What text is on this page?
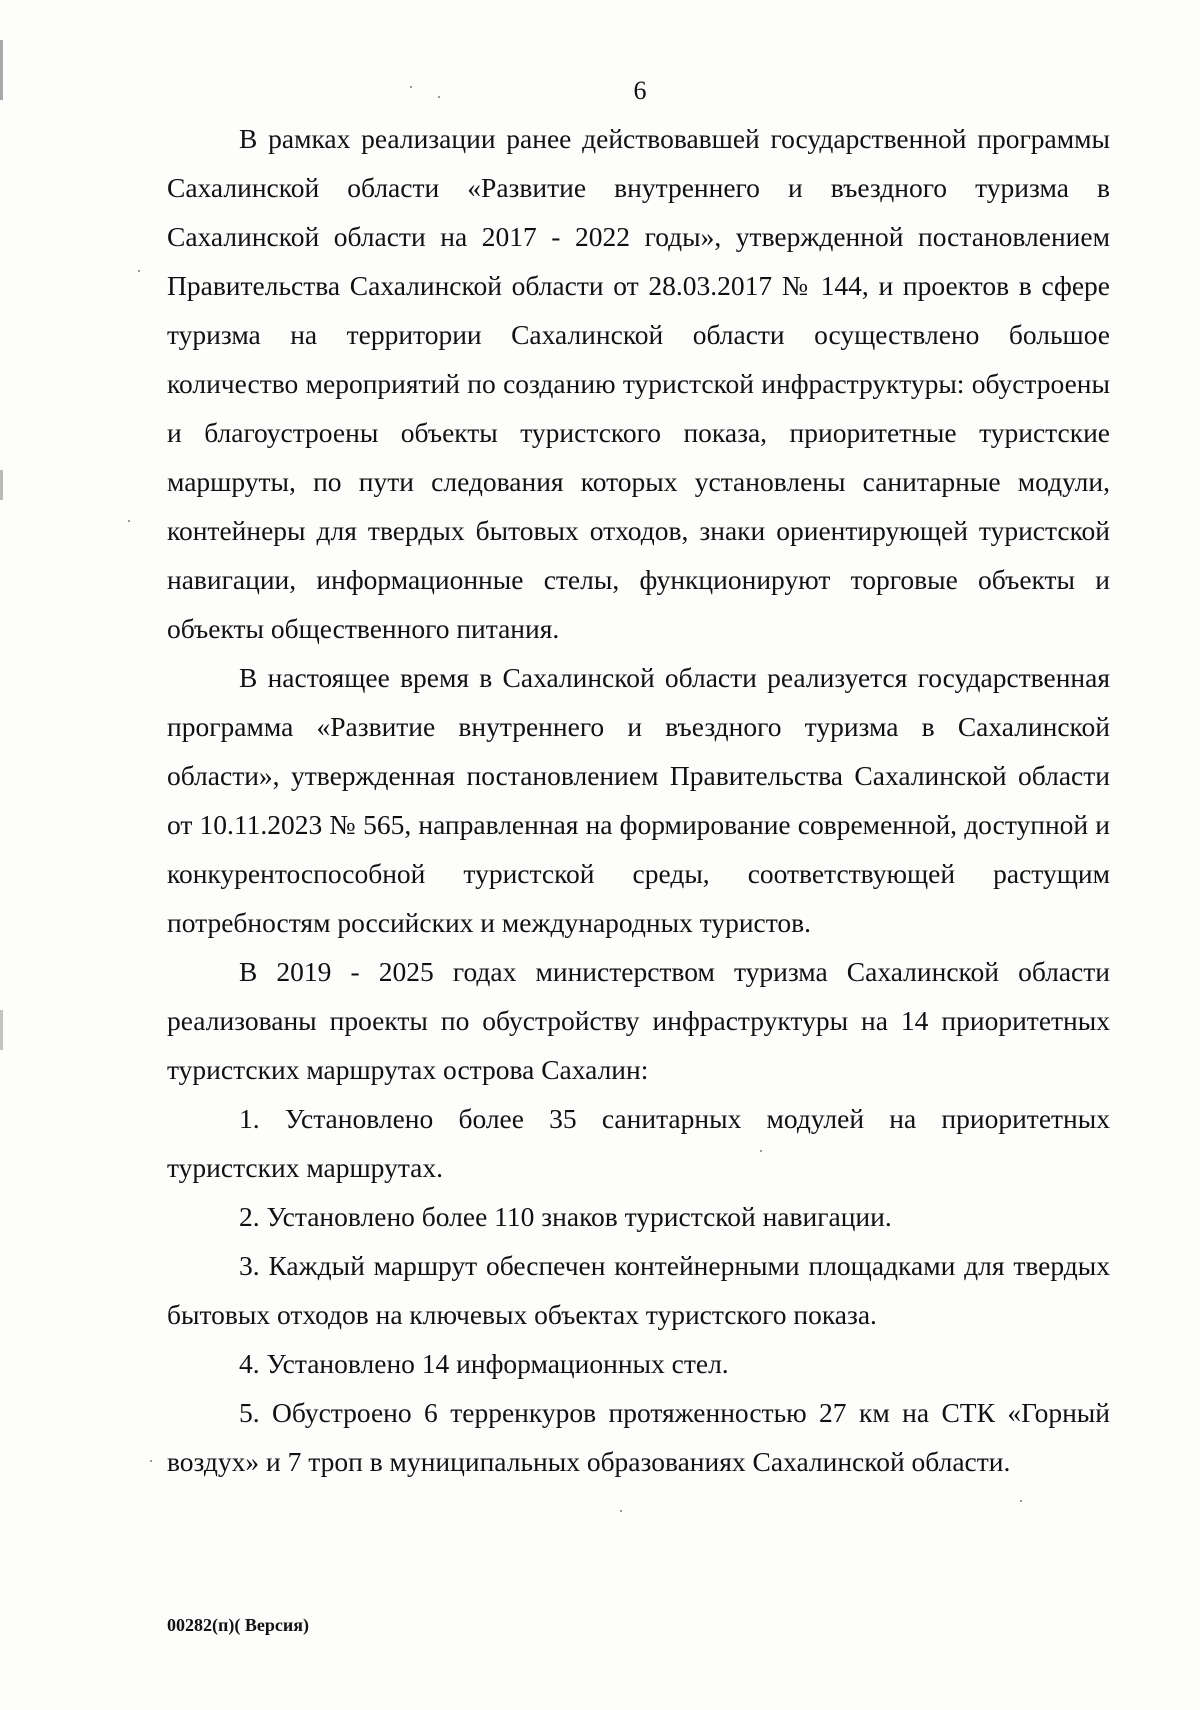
6

В рамках реализации ранее действовавшей государственной программы Сахалинской области «Развитие внутреннего и въездного туризма в Сахалинской области на 2017 - 2022 годы», утвержденной постановлением Правительства Сахалинской области от 28.03.2017 № 144, и проектов в сфере туризма на территории Сахалинской области осуществлено большое количество мероприятий по созданию туристской инфраструктуры: обустроены и благоустроены объекты туристского показа, приоритетные туристские маршруты, по пути следования которых установлены санитарные модули, контейнеры для твердых бытовых отходов, знаки ориентирующей туристской навигации, информационные стелы, функционируют торговые объекты и объекты общественного питания.

В настоящее время в Сахалинской области реализуется государственная программа «Развитие внутреннего и въездного туризма в Сахалинской области», утвержденная постановлением Правительства Сахалинской области от 10.11.2023 № 565, направленная на формирование современной, доступной и конкурентоспособной туристской среды, соответствующей растущим потребностям российских и международных туристов.

В 2019 - 2025 годах министерством туризма Сахалинской области реализованы проекты по обустройству инфраструктуры на 14 приоритетных туристских маршрутах острова Сахалин:

1. Установлено более 35 санитарных модулей на приоритетных туристских маршрутах.

2. Установлено более 110 знаков туристской навигации.

3. Каждый маршрут обеспечен контейнерными площадками для твердых бытовых отходов на ключевых объектах туристского показа.

4. Установлено 14 информационных стел.

5. Обустроено 6 терренкуров протяженностью 27 км на СТК «Горный воздух» и 7 троп в муниципальных образованиях Сахалинской области.

00282(п)( Версия)
